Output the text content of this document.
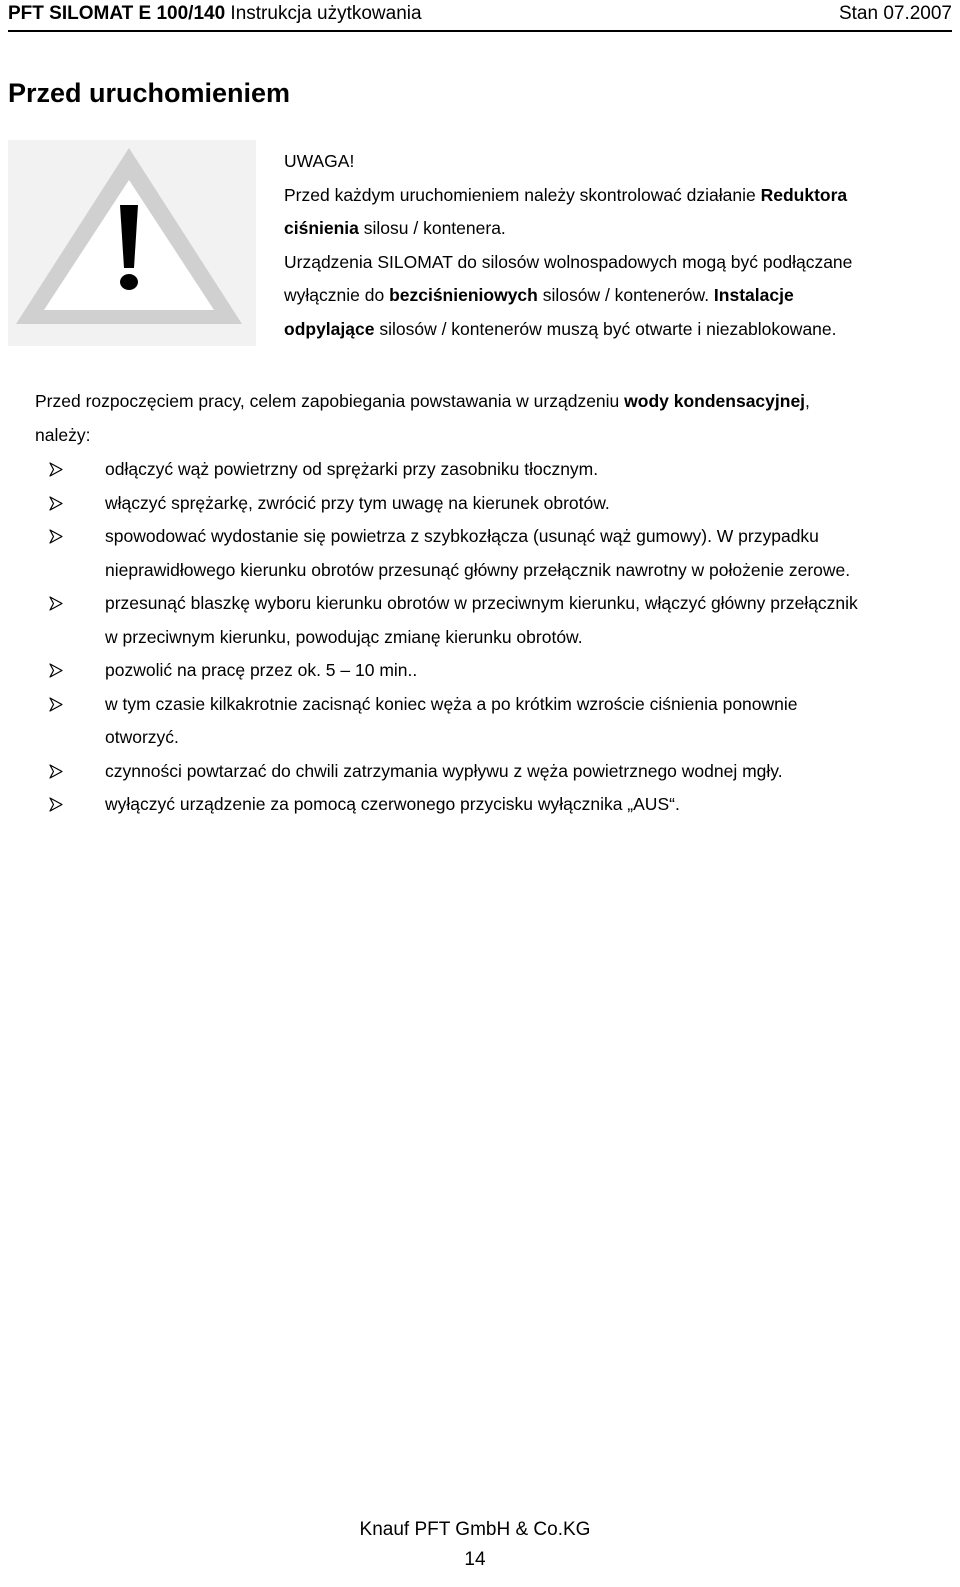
PFT SILOMAT E 100/140 Instrukcja użytkowania	Stan 07.2007
Przed uruchomieniem
UWAGA!
Przed każdym uruchomieniem należy skontrolować działanie Reduktora
ciśnienia silosu / kontenera.
Urządzenia SILOMAT do silosów wolnospadowych mogą być podłączane
wyłącznie do bezciśnieniowych silosów / kontenerów. Instalacje
odpylające silosów / kontenerów muszą być otwarte i niezablokowane.
Przed rozpoczęciem pracy, celem zapobiegania powstawania w urządzeniu wody kondensacyjnej,
należy:
odłączyć wąż powietrzny od sprężarki przy zasobniku tłocznym.
włączyć sprężarkę, zwrócić przy tym uwagę na kierunek obrotów.
spowodować wydostanie się powietrza z szybkozłącza (usunąć wąż gumowy). W przypadku
nieprawidłowego kierunku obrotów przesunąć główny przełącznik nawrotny w położenie zerowe.
przesunąć blaszkę wyboru kierunku obrotów w przeciwnym kierunku, włączyć główny przełącznik
w przeciwnym kierunku, powodując zmianę kierunku obrotów.
pozwolić na pracę przez ok. 5 – 10 min..
w tym czasie kilkakrotnie zacisnąć koniec węża a po krótkim wzroście ciśnienia ponownie
otworzyć.
czynności powtarzać do chwili zatrzymania wypływu z węża powietrznego wodnej mgły.
wyłączyć urządzenie za pomocą czerwonego przycisku wyłącznika „AUS“.
Knauf PFT GmbH & Co.KG
14
